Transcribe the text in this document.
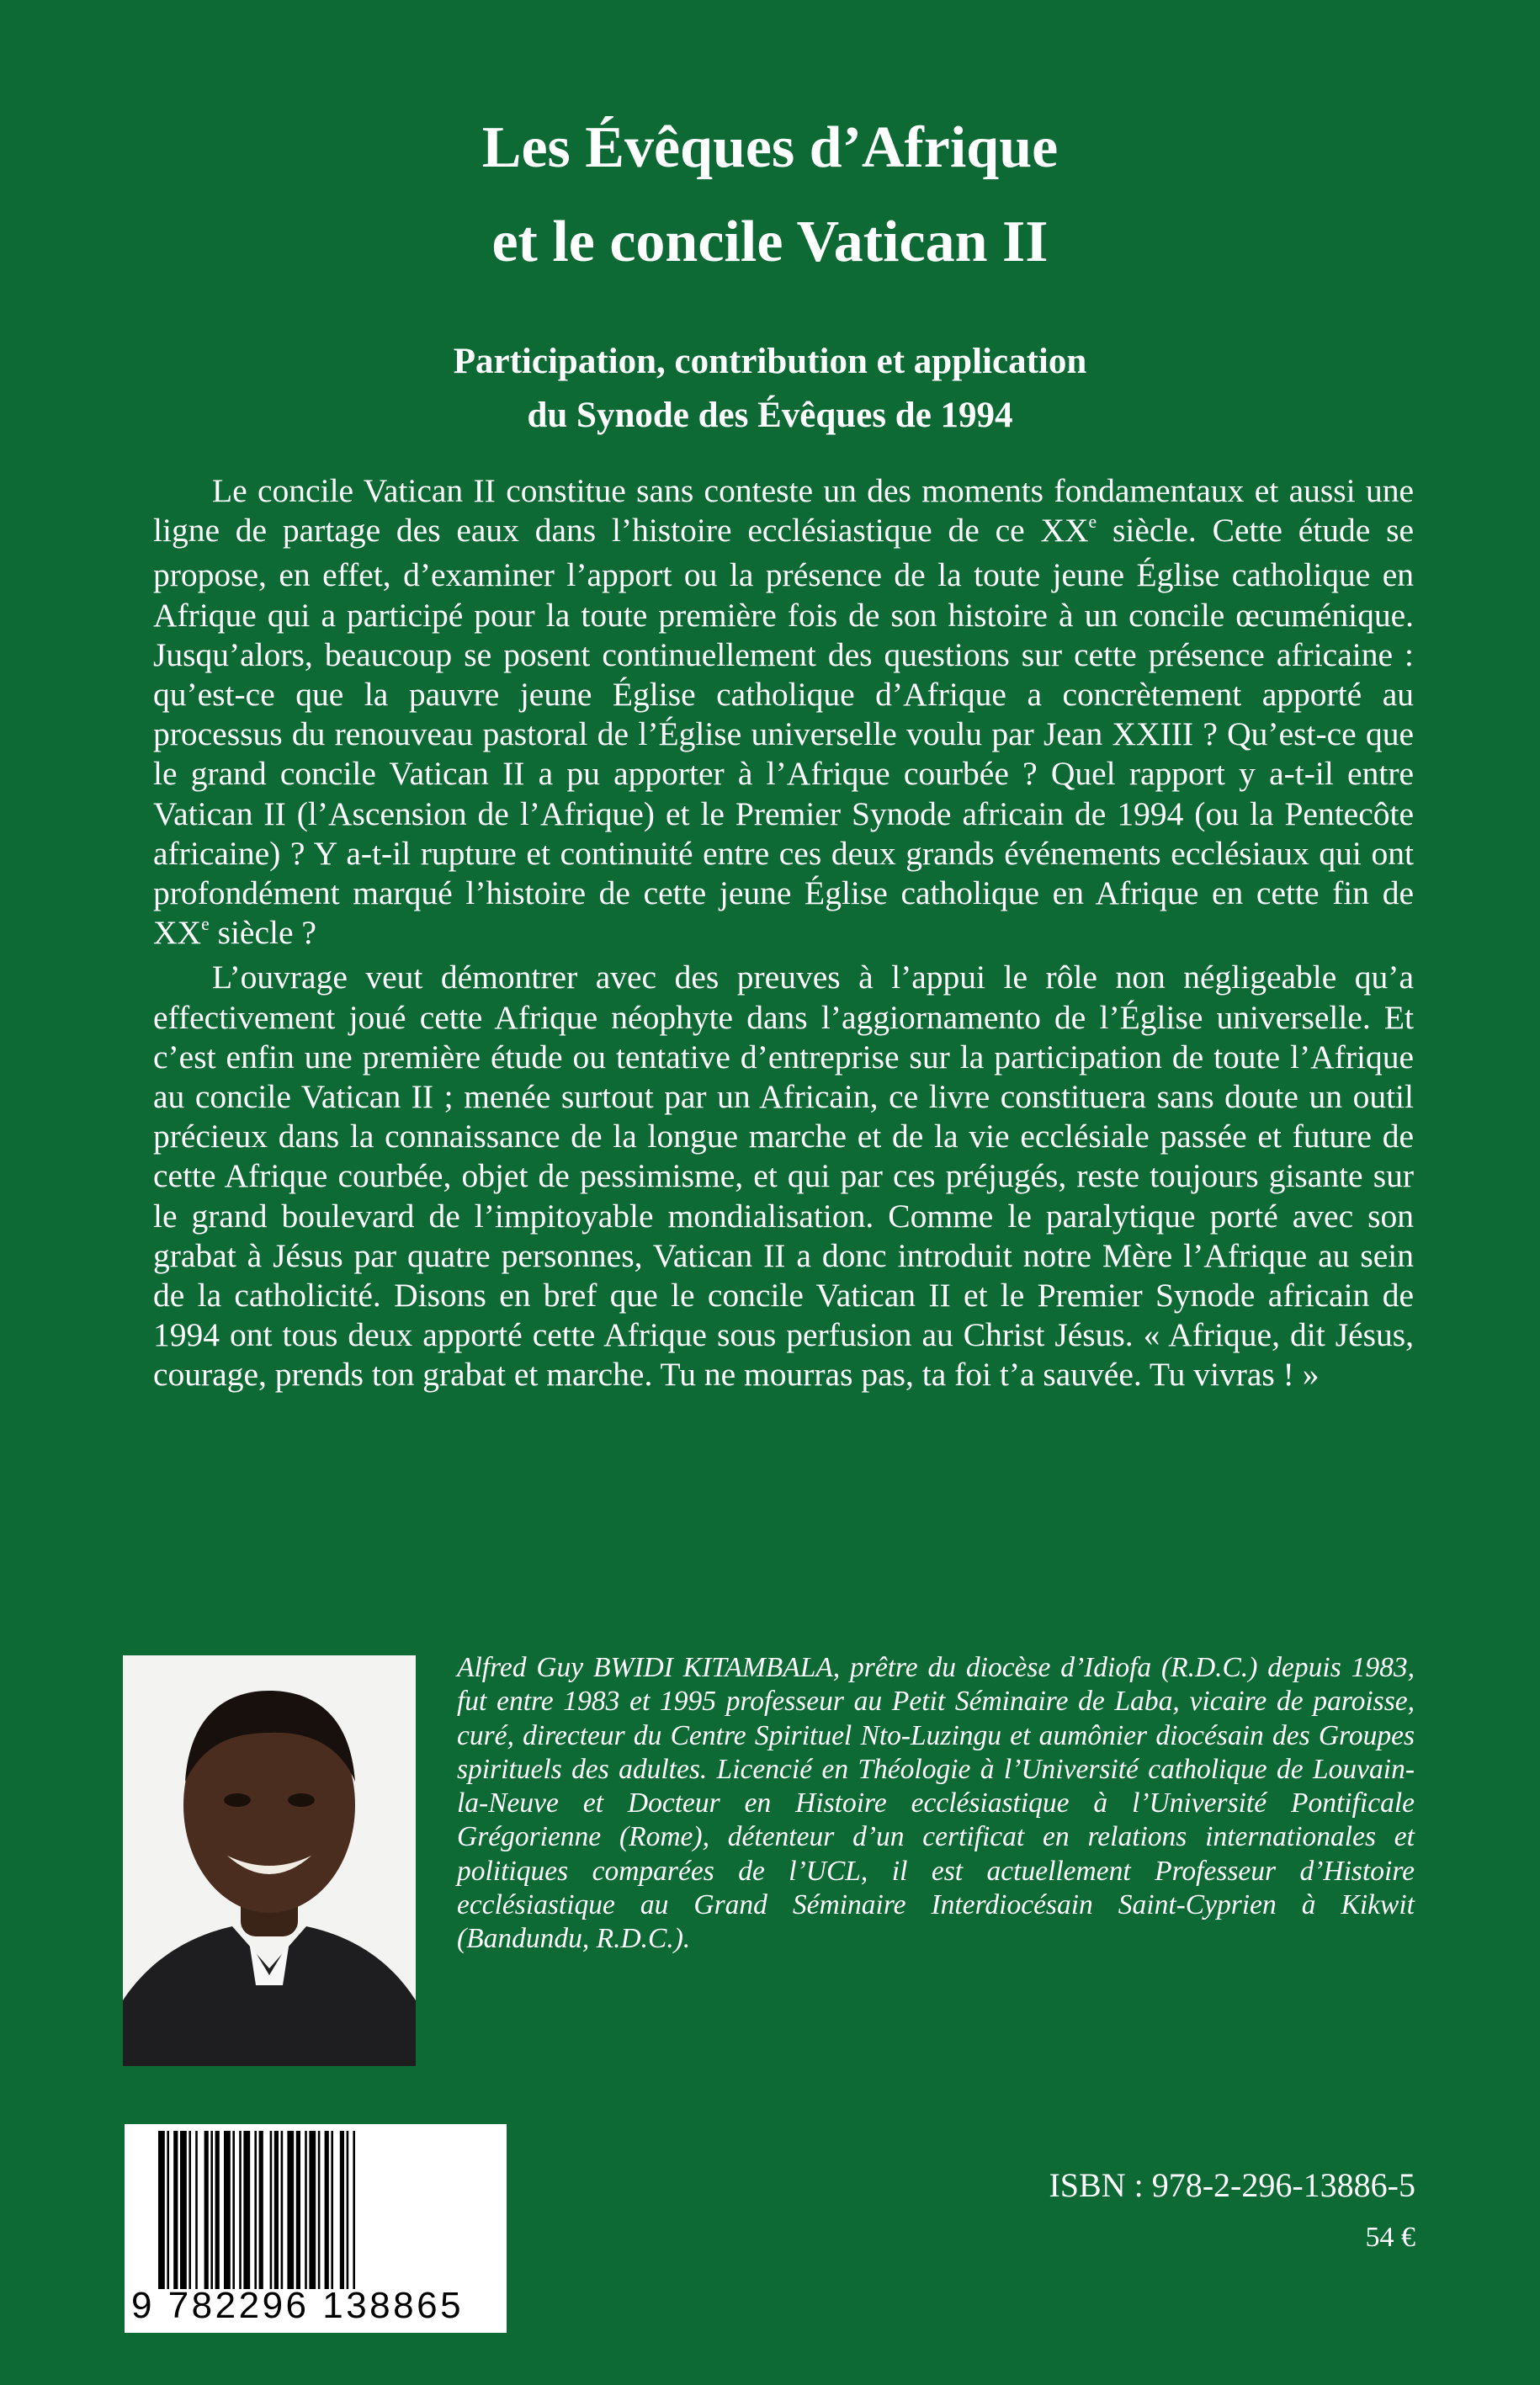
Les Évêques d’Afrique
et le concile Vatican II
Participation, contribution et application
du Synode des Évêques de 1994

Le concile Vatican II constitue sans conteste un des moments fondamentaux et aussi une ligne de partage des eaux dans l’histoire ecclésiastique de ce XXe siècle. Cette étude se propose, en effet, d’examiner l’apport ou la présence de la toute jeune Église catholique en Afrique qui a participé pour la toute première fois de son histoire à un concile œcuménique. Jusqu’alors, beaucoup se posent continuellement des questions sur cette présence africaine : qu’est-ce que la pauvre jeune Église catholique d’Afrique a concrètement apporté au processus du renouveau pastoral de l’Église universelle voulu par Jean XXIII ? Qu’est-ce que le grand concile Vatican II a pu apporter à l’Afrique courbée ? Quel rapport y a-t-il entre Vatican II (l’Ascension de l’Afrique) et le Premier Synode africain de 1994 (ou la Pentecôte africaine) ? Y a-t-il rupture et continuité entre ces deux grands événements ecclésiaux qui ont profondément marqué l’histoire de cette jeune Église catholique en Afrique en cette fin de XXe siècle ?

L’ouvrage veut démontrer avec des preuves à l’appui le rôle non négligeable qu’a effectivement joué cette Afrique néophyte dans l’aggiornamento de l’Église universelle. Et c’est enfin une première étude ou tentative d’entreprise sur la participation de toute l’Afrique au concile Vatican II ; menée surtout par un Africain, ce livre constituera sans doute un outil précieux dans la connaissance de la longue marche et de la vie ecclésiale passée et future de cette Afrique courbée, objet de pessimisme, et qui par ces préjugés, reste toujours gisante sur le grand boulevard de l’impitoyable mondialisation. Comme le paralytique porté avec son grabat à Jésus par quatre personnes, Vatican II a donc introduit notre Mère l’Afrique au sein de la catholicité. Disons en bref que le concile Vatican II et le Premier Synode africain de 1994 ont tous deux apporté cette Afrique sous perfusion au Christ Jésus. « Afrique, dit Jésus, courage, prends ton grabat et marche. Tu ne mourras pas, ta foi t’a sauvée. Tu vivras ! »

Alfred Guy BWIDI KITAMBALA, prêtre du diocèse d’Idiofa (R.D.C.) depuis 1983, fut entre 1983 et 1995 professeur au Petit Séminaire de Laba, vicaire de paroisse, curé, directeur du Centre Spirituel Nto-Luzingu et aumônier diocésain des Groupes spirituels des adultes. Licencié en Théologie à l’Université catholique de Louvain-la-Neuve et Docteur en Histoire ecclésiastique à l’Université Pontificale Grégorienne (Rome), détenteur d’un certificat en relations internationales et politiques comparées de l’UCL, il est actuellement Professeur d’Histoire ecclésiastique au Grand Séminaire Interdiocésain Saint-Cyprien à Kikwit (Bandundu, R.D.C.).
9 782296 138865
ISBN : 978-2-296-13886-5
54 €
